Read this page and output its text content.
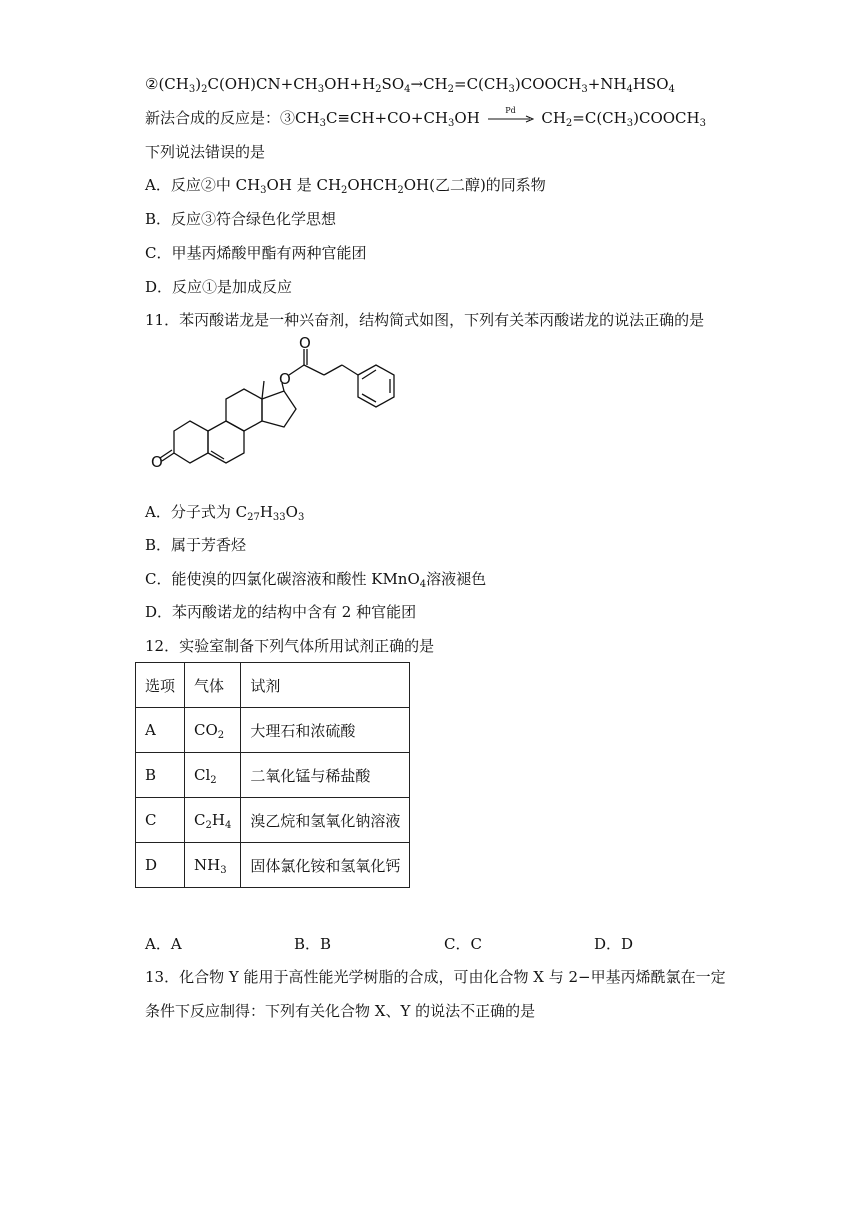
$②(CH_3)_2C(OH)CN+CH_3OH+H_2SO_4\to CH_2=C(CH_3)COOCH_3+NH_4HSO_4$
新法合成的反应是：$③CH_3C\equiv CH+CO+CH_3OH$	Pd	$CH_2=C(CH_3)COOCH_3$
下列说法错误的是
A．反应②中 $CH_3OH$ 是 $CH_2OHCH_2OH$(乙二醇)的同系物
B．反应③符合绿色化学思想
C．甲基丙烯酸甲酯有两种官能团
D．反应①是加成反应
11．苯丙酸诺龙是一种兴奋剂，结构简式如图，下列有关苯丙酸诺龙的说法正确的是
O
O
O
A．分子式为 $C_{27}H_{33}O_3$
B．属于芳香烃
C．能使溴的四氯化碳溶液和酸性 KMnO$_4$溶液褪色
D．苯丙酸诺龙的结构中含有 2 种官能团
12．实验室制备下列气体所用试剂正确的是
选项	气体	试剂
A	$CO_2$	大理石和浓硫酸
B	$Cl_2$	二氧化锰与稀盐酸
C	$C_2H_4$	溴乙烷和氢氧化钠溶液
D	$NH_3$	固体氯化铵和氢氧化钙
A．A	B．B	C．C	D．D
13．化合物 Y 能用于高性能光学树脂的合成，可由化合物 X 与 2−甲基丙烯酰氯在一定
条件下反应制得：下列有关化合物 X、Y 的说法不正确的是
